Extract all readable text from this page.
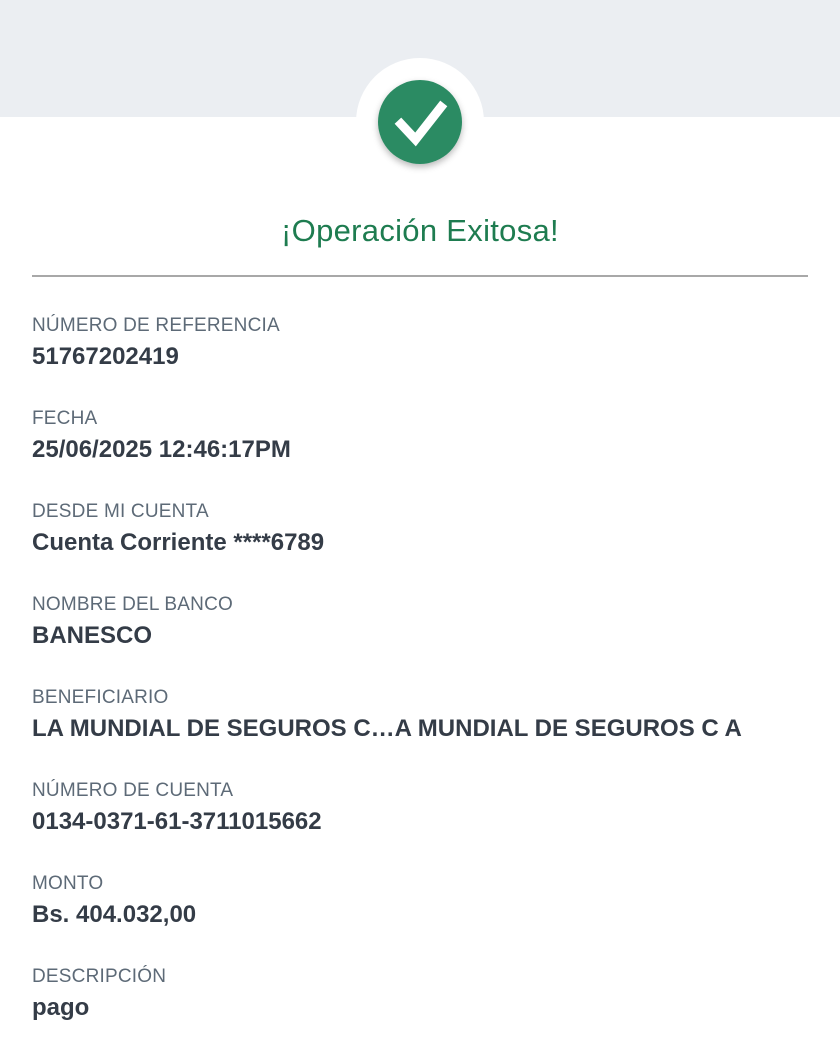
¡Operación Exitosa!
NÚMERO DE REFERENCIA
51767202419
FECHA
25/06/2025 12:46:17PM
DESDE MI CUENTA
Cuenta Corriente ****6789
NOMBRE DEL BANCO
BANESCO
BENEFICIARIO
LA MUNDIAL DE SEGUROS C…A MUNDIAL DE SEGUROS C A
NÚMERO DE CUENTA
0134-0371-61-3711015662
MONTO
Bs. 404.032,00
DESCRIPCIÓN
pago
